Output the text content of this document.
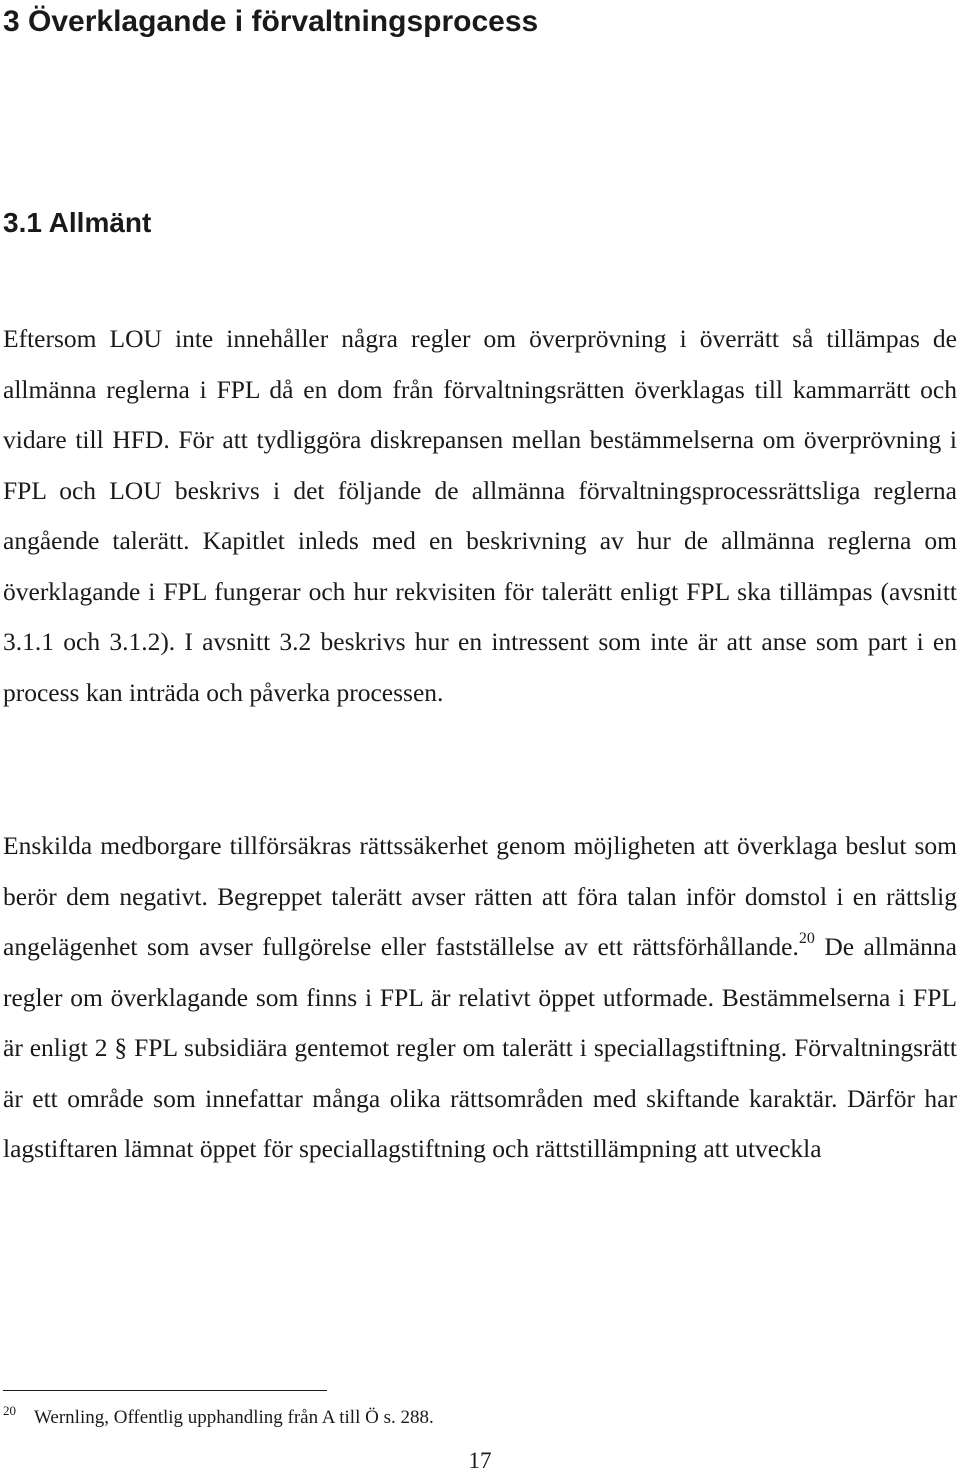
3 Överklagande i förvaltningsprocess
3.1 Allmänt

Eftersom LOU inte innehåller några regler om överprövning i överrätt så tillämpas de allmänna reglerna i FPL då en dom från förvaltningsrätten överklagas till kammarrätt och vidare till HFD. För att tydliggöra diskrepansen mellan bestämmelserna om överprövning i FPL och LOU beskrivs i det följande de allmänna förvaltningsprocessrättsliga reglerna angående talerätt. Kapitlet inleds med en beskrivning av hur de allmänna reglerna om överklagande i FPL fungerar och hur rekvisiten för talerätt enligt FPL ska tillämpas (avsnitt 3.1.1 och 3.1.2). I avsnitt 3.2 beskrivs hur en intressent som inte är att anse som part i en process kan inträda och påverka processen.

Enskilda medborgare tillförsäkras rättssäkerhet genom möjligheten att överklaga beslut som berör dem negativt. Begreppet talerätt avser rätten att föra talan inför domstol i en rättslig angelägenhet som avser fullgörelse eller fastställelse av ett rättsförhållande.$^{20}$ De allmänna regler om överklagande som finns i FPL är relativt öppet utformade. Bestämmelserna i FPL är enligt 2 § FPL subsidiära gentemot regler om talerätt i speciallagstiftning. Förvaltningsrätt är ett område som innefattar många olika rättsområden med skiftande karaktär. Därför har lagstiftaren lämnat öppet för speciallagstiftning och rättstillämpning att utveckla

$^{20}$ Wernling, Offentlig upphandling från A till Ö s. 288.

17
